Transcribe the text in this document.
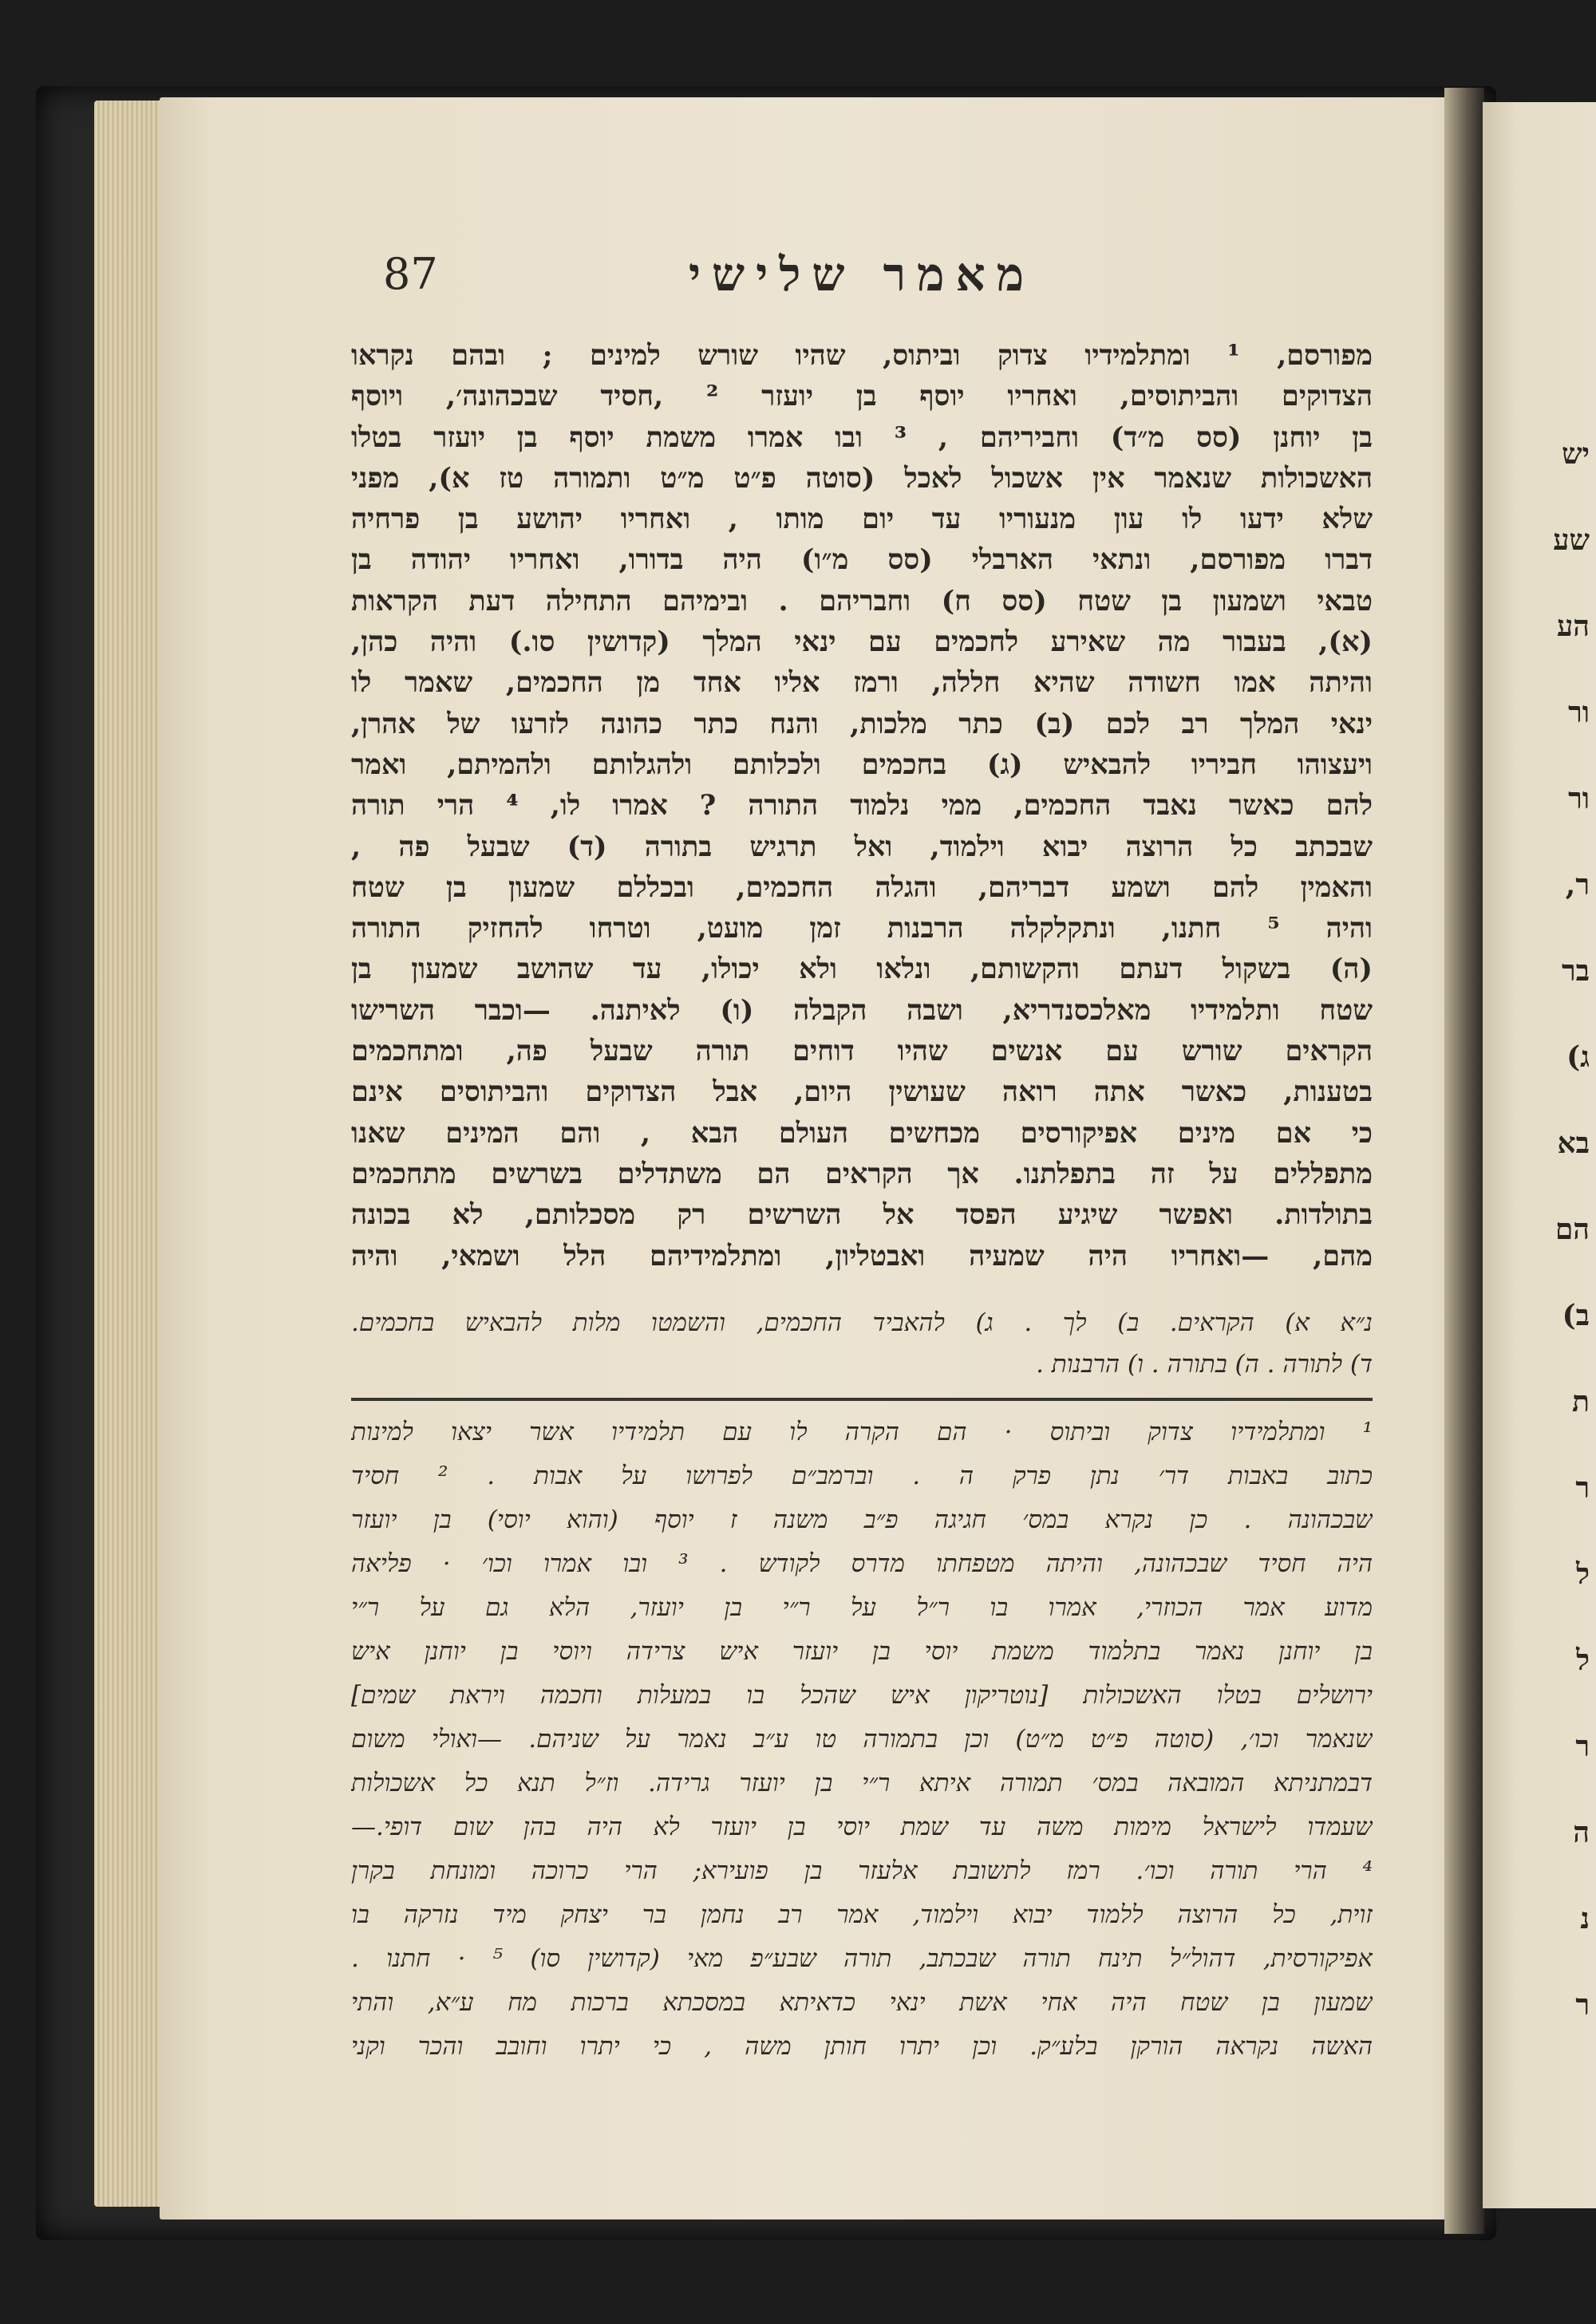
יש
שע
הע
ור
ור
ר,
בר
ג)
בא
הם
ב)
ת
ר
ל
ל
ר
ה
נ
ר
מאמר שלישי
87
מפורסם, ¹ ומתלמידיו צדוק וביתוס, שהיו שורש למינים ; ובהם נקראו
הצדוקים והביתוסים, ואחריו יוסף בן יועזר ² ,חסיד שבכהונה׳, ויוסף
בן יוחנן (סס מ״ד) וחביריהם , ³ ובו אמרו משמת יוסף בן יועזר בטלו
האשכולות שנאמר אין אשכול לאכל (סוטה פ״ט מ״ט ותמורה טז א), מפני
שלא ידעו לו עון מנעוריו עד יום מותו , ואחריו יהושע בן פרחיה
דברו מפורסם, ונתאי הארבלי (סס מ״ו) היה בדורו, ואחריו יהודה בן
טבאי ושמעון בן שטח (סס ח) וחבריהם . ובימיהם התחילה דעת הקראות
(א), בעבור מה שאירע לחכמים עם ינאי המלך (קדושין סו.) והיה כהן,
והיתה אמו חשודה שהיא חללה, ורמז אליו אחד מן החכמים, שאמר לו
ינאי המלך רב לכם (ב) כתר מלכות, והנח כתר כהונה לזרעו של אהרן,
ויעצוהו חביריו להבאיש (ג) בחכמים ולכלותם ולהגלותם ולהמיתם, ואמר
להם כאשר נאבד החכמים, ממי נלמוד התורה ? אמרו לו, ⁴ הרי תורה
שבכתב כל הרוצה יבוא וילמוד, ואל תרגיש בתורה (ד) שבעל פה ,
והאמין להם ושמע דבריהם, והגלה החכמים, ובכללם שמעון בן שטח
והיה ⁵ חתנו, ונתקלקלה הרבנות זמן מועט, וטרחו להחזיק התורה
(ה) בשקול דעתם והקשותם, ונלאו ולא יכולו, עד שהושב שמעון בן
שטח ותלמידיו מאלכסנדריא, ושבה הקבלה (ו) לאיתנה. —וכבר השרישו
הקראים שורש עם אנשים שהיו דוחים תורה שבעל פה, ומתחכמים
בטענות, כאשר אתה רואה שעושין היום, אבל הצדוקים והביתוסים אינם
כי אם מינים אפיקורסים מכחשים העולם הבא , והם המינים שאנו
מתפללים על זה בתפלתנו. אך הקראים הם משתדלים בשרשים מתחכמים
בתולדות. ואפשר שיגיע הפסד אל השרשים רק מסכלותם, לא בכונה
מהם, —ואחריו היה שמעיה ואבטליון, ומתלמידיהם הלל ושמאי, והיה
נ״א א) הקראים. ב) לך . ג) להאביד החכמים, והשמטו מלות להבאיש בחכמים.
ד) לתורה . ה) בתורה . ו) הרבנות .
¹ ומתלמידיו צדוק וביתוס · הם הקרה לו עם תלמידיו אשר יצאו למינות
כתוב באבות דר׳ נתן פרק ה . וברמב״ם לפרושו על אבות . ² חסיד
שבכהונה . כן נקרא במס׳ חגיגה פ״ב משנה ז יוסף (והוא יוסי) בן יועזר
היה חסיד שבכהונה, והיתה מטפחתו מדרס לקודש . ³ ובו אמרו וכו׳ · פליאה
מדוע אמר הכוזרי, אמרו בו ר״ל על ר״י בן יועזר, הלא גם על ר״י
בן יוחנן נאמר בתלמוד משמת יוסי בן יועזר איש צרידה ויוסי בן יוחנן איש
ירושלים בטלו האשכולות [נוטריקון איש שהכל בו במעלות וחכמה ויראת שמים]
שנאמר וכו׳, (סוטה פ״ט מ״ט) וכן בתמורה טו ע״ב נאמר על שניהם. —ואולי משום
דבמתניתא המובאה במס׳ תמורה איתא ר״י בן יועזר גרידה. וז״ל תנא כל אשכולות
שעמדו לישראל מימות משה עד שמת יוסי בן יועזר לא היה בהן שום דופי.—
⁴ הרי תורה וכו׳. רמז לתשובת אלעזר בן פועירא; הרי כרוכה ומונחת בקרן
זוית, כל הרוצה ללמוד יבוא וילמוד, אמר רב נחמן בר יצחק מיד נזרקה בו
אפיקורסית, דהול״ל תינח תורה שבכתב, תורה שבע״פ מאי (קדושין סו) ⁵ · חתנו .
שמעון בן שטח היה אחי אשת ינאי כדאיתא במסכתא ברכות מח ע״א, והתי
האשה נקראה הורקן בלע״ק. וכן יתרו חותן משה , כי יתרו וחובב והכר וקני
